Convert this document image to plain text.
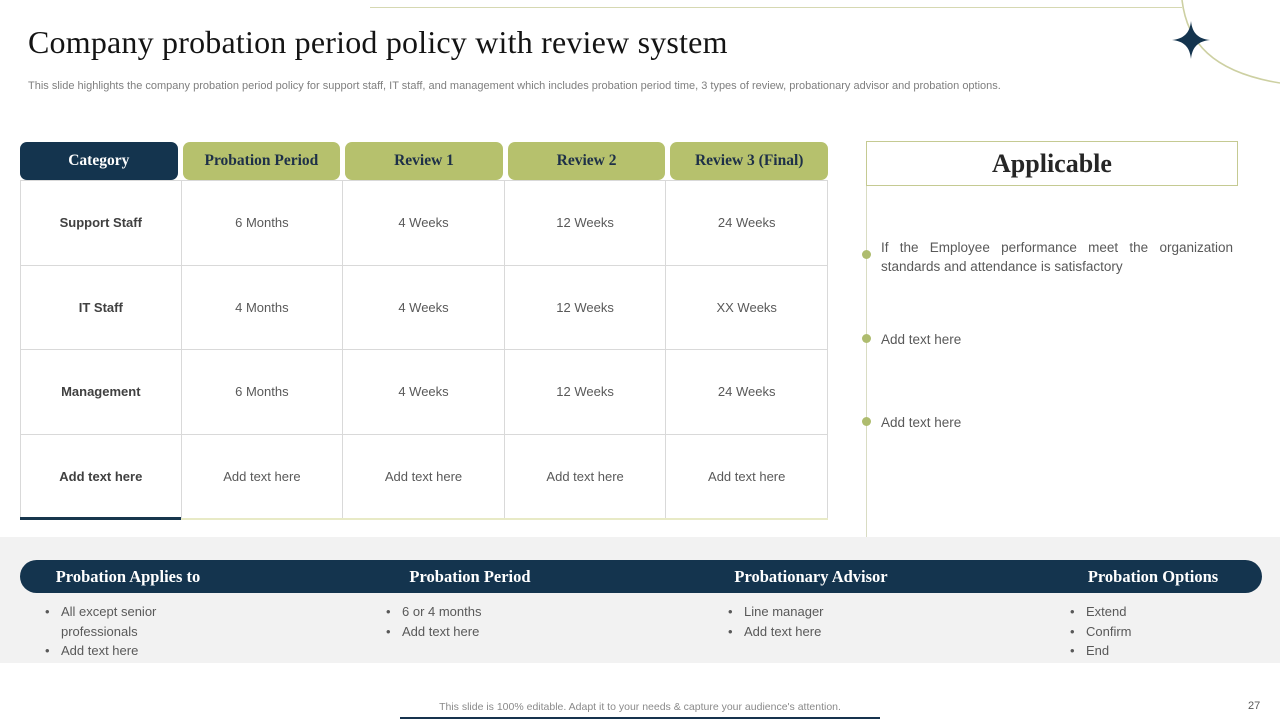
Company probation period policy with review system
This slide highlights the company probation period policy for support staff, IT staff, and management which includes probation period time, 3 types of review, probationary advisor and probation options.
Category	Probation Period	Review 1	Review 2	Review 3 (Final)
Support Staff	6 Months	4 Weeks	12 Weeks	24 Weeks
IT Staff	4 Months	4 Weeks	12 Weeks	XX Weeks
Management	6 Months	4 Weeks	12 Weeks	24 Weeks
Add text here	Add text here	Add text here	Add text here	Add text here
Applicable
If the Employee performance meet the organization standards and attendance is satisfactory
Add text here
Add text here
Probation Applies to	Probation Period	Probationary Advisor	Probation Options
• All except senior professionals
• Add text here
• 6 or 4 months
• Add text here
• Line manager
• Add text here
• Extend
• Confirm
• End
This slide is 100% editable. Adapt it to your needs & capture your audience's attention.	27
